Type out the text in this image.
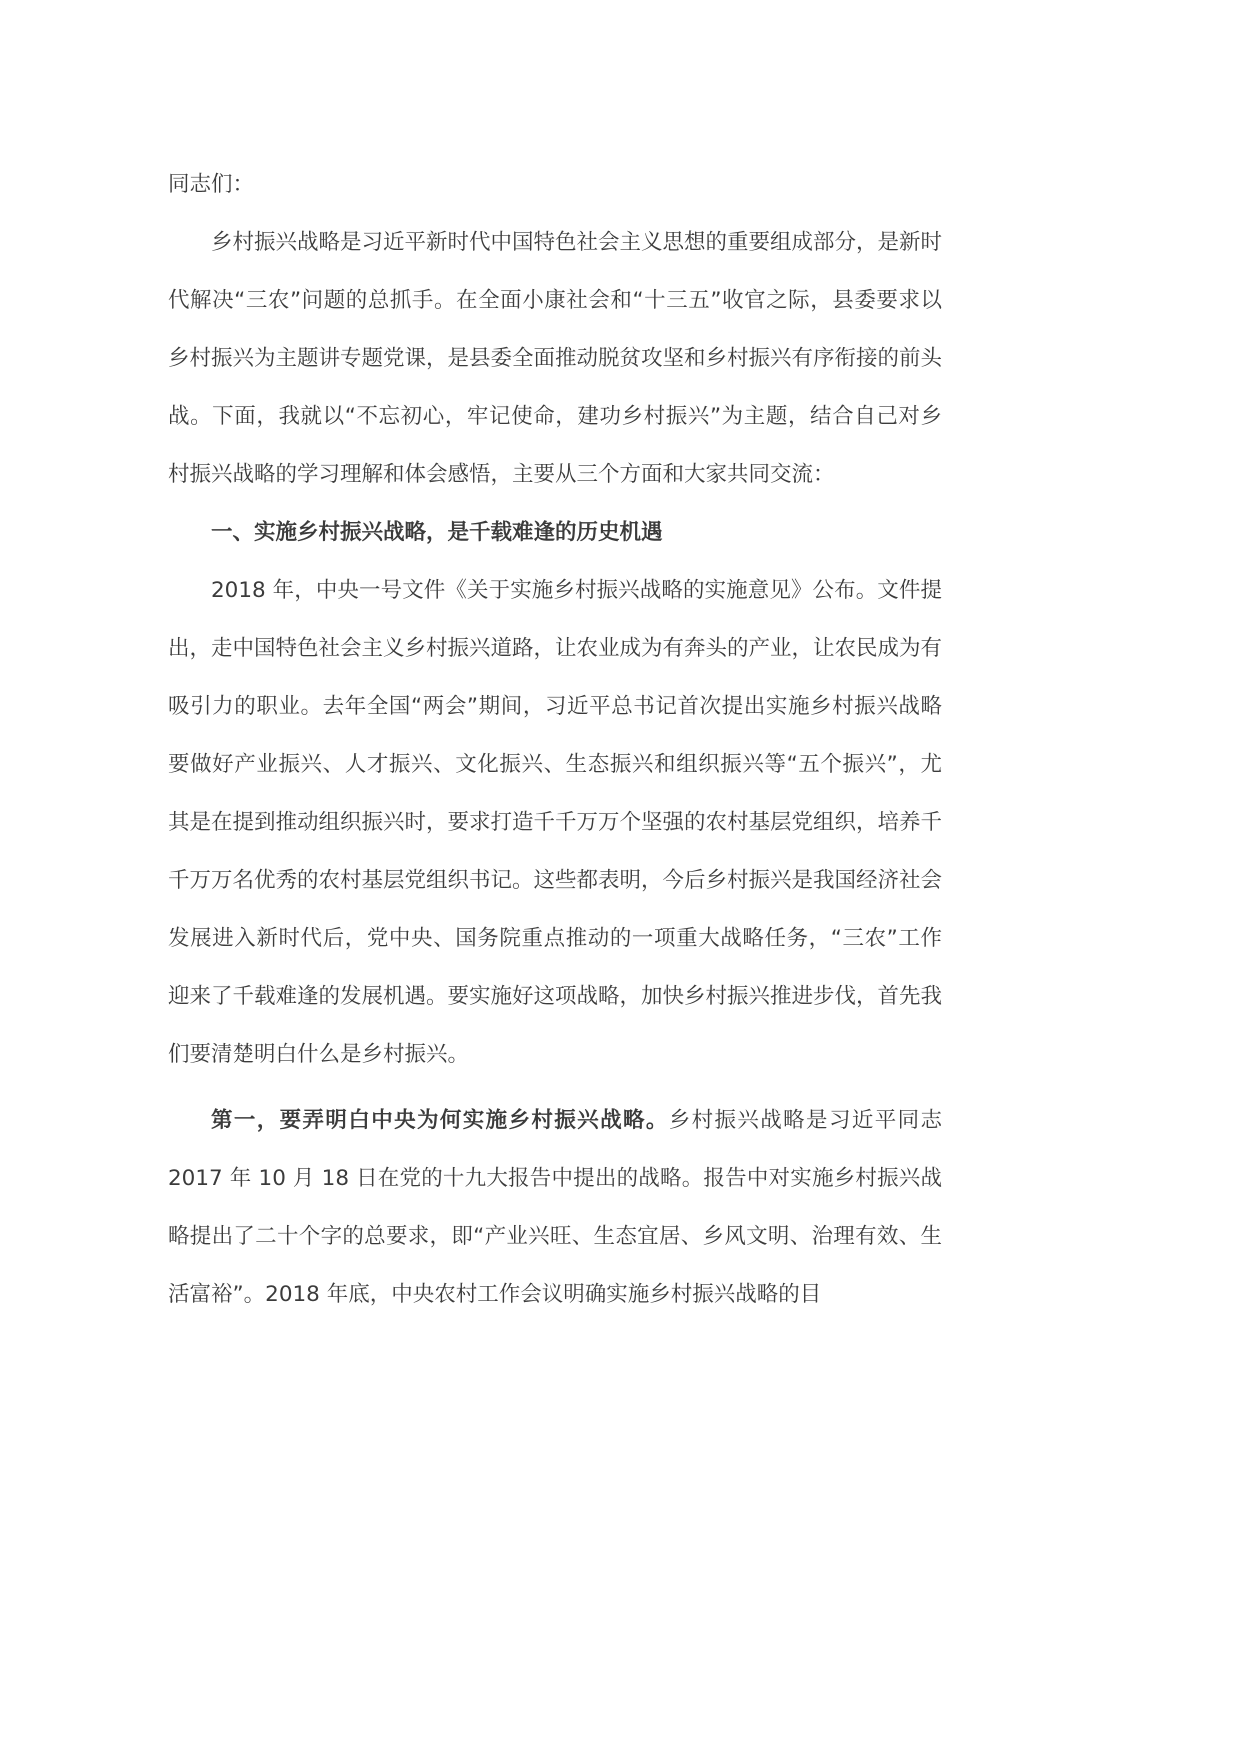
同志们：

乡村振兴战略是习近平新时代中国特色社会主义思想的重要组成部分，是新时代解决“三农”问题的总抓手。在全面小康社会和“十三五”收官之际，县委要求以乡村振兴为主题讲专题党课，是县委全面推动脱贫攻坚和乡村振兴有序衔接的前头战。下面，我就以“不忘初心，牢记使命，建功乡村振兴”为主题，结合自己对乡村振兴战略的学习理解和体会感悟，主要从三个方面和大家共同交流：

一、实施乡村振兴战略，是千载难逢的历史机遇

2018 年，中央一号文件《关于实施乡村振兴战略的实施意见》公布。文件提出，走中国特色社会主义乡村振兴道路，让农业成为有奔头的产业，让农民成为有吸引力的职业。去年全国“两会”期间，习近平总书记首次提出实施乡村振兴战略要做好产业振兴、人才振兴、文化振兴、生态振兴和组织振兴等“五个振兴”，尤其是在提到推动组织振兴时，要求打造千千万万个坚强的农村基层党组织，培养千千万万名优秀的农村基层党组织书记。这些都表明，今后乡村振兴是我国经济社会发展进入新时代后，党中央、国务院重点推动的一项重大战略任务，“三农”工作迎来了千载难逢的发展机遇。要实施好这项战略，加快乡村振兴推进步伐，首先我们要清楚明白什么是乡村振兴。

第一，要弄明白中央为何实施乡村振兴战略。乡村振兴战略是习近平同志 2017 年 10 月 18 日在党的十九大报告中提出的战略。报告中对实施乡村振兴战略提出了二十个字的总要求，即“产业兴旺、生态宜居、乡风文明、治理有效、生活富裕”。2018 年底，中央农村工作会议明确实施乡村振兴战略的目
